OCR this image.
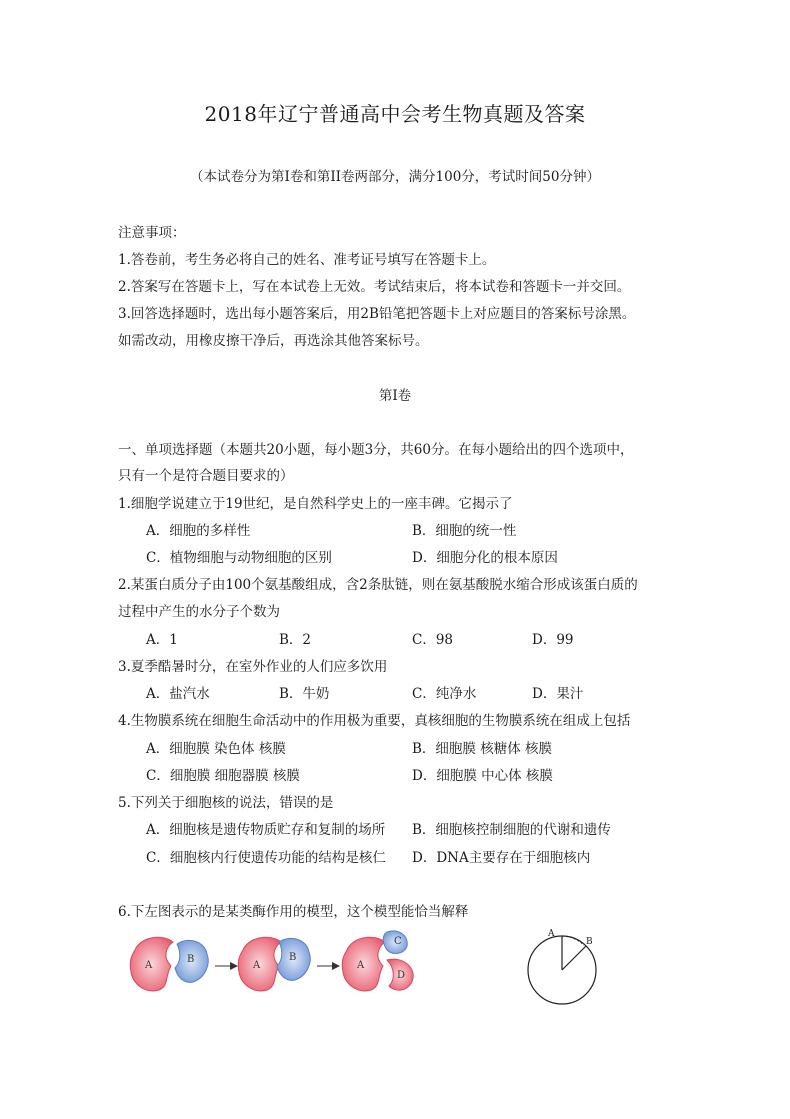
2018年辽宁普通高中会考生物真题及答案
（本试卷分为第Ⅰ卷和第II卷两部分，满分100分，考试时间50分钟）
注意事项：
1.答卷前，考生务必将自己的姓名、准考证号填写在答题卡上。
2.答案写在答题卡上，写在本试卷上无效。考试结束后，将本试卷和答题卡一并交回。
3.回答选择题时，选出每小题答案后，用2B铅笔把答题卡上对应题目的答案标号涂黑。
如需改动，用橡皮擦干净后，再选涂其他答案标号。
第Ⅰ卷
一、单项选择题（本题共20小题，每小题3分，共60分。在每小题给出的四个选项中，
只有一个是符合题目要求的）
1.细胞学说建立于19世纪，是自然科学史上的一座丰碑。它揭示了
A．细胞的多样性	B．细胞的统一性
C．植物细胞与动物细胞的区别	D．细胞分化的根本原因
2.某蛋白质分子由100个氨基酸组成，含2条肽链，则在氨基酸脱水缩合形成该蛋白质的
过程中产生的水分子个数为
A．1	B．2	C．98	D．99
3.夏季酷暑时分，在室外作业的人们应多饮用
A．盐汽水	B．牛奶	C．纯净水	D．果汁
4.生物膜系统在细胞生命活动中的作用极为重要，真核细胞的生物膜系统在组成上包括
A．细胞膜 染色体 核膜	B．细胞膜 核糖体 核膜
C．细胞膜 细胞器膜 核膜	D．细胞膜 中心体 核膜
5.下列关于细胞核的说法，错误的是
A．细胞核是遗传物质贮存和复制的场所 B．细胞核控制细胞的代谢和遗传
C．细胞核内行使遗传功能的结构是核仁 D．DNA主要存在于细胞核内
6.下左图表示的是某类酶作用的模型，这个模型能恰当解释
A
B
A
B
A
C
D
A
B
